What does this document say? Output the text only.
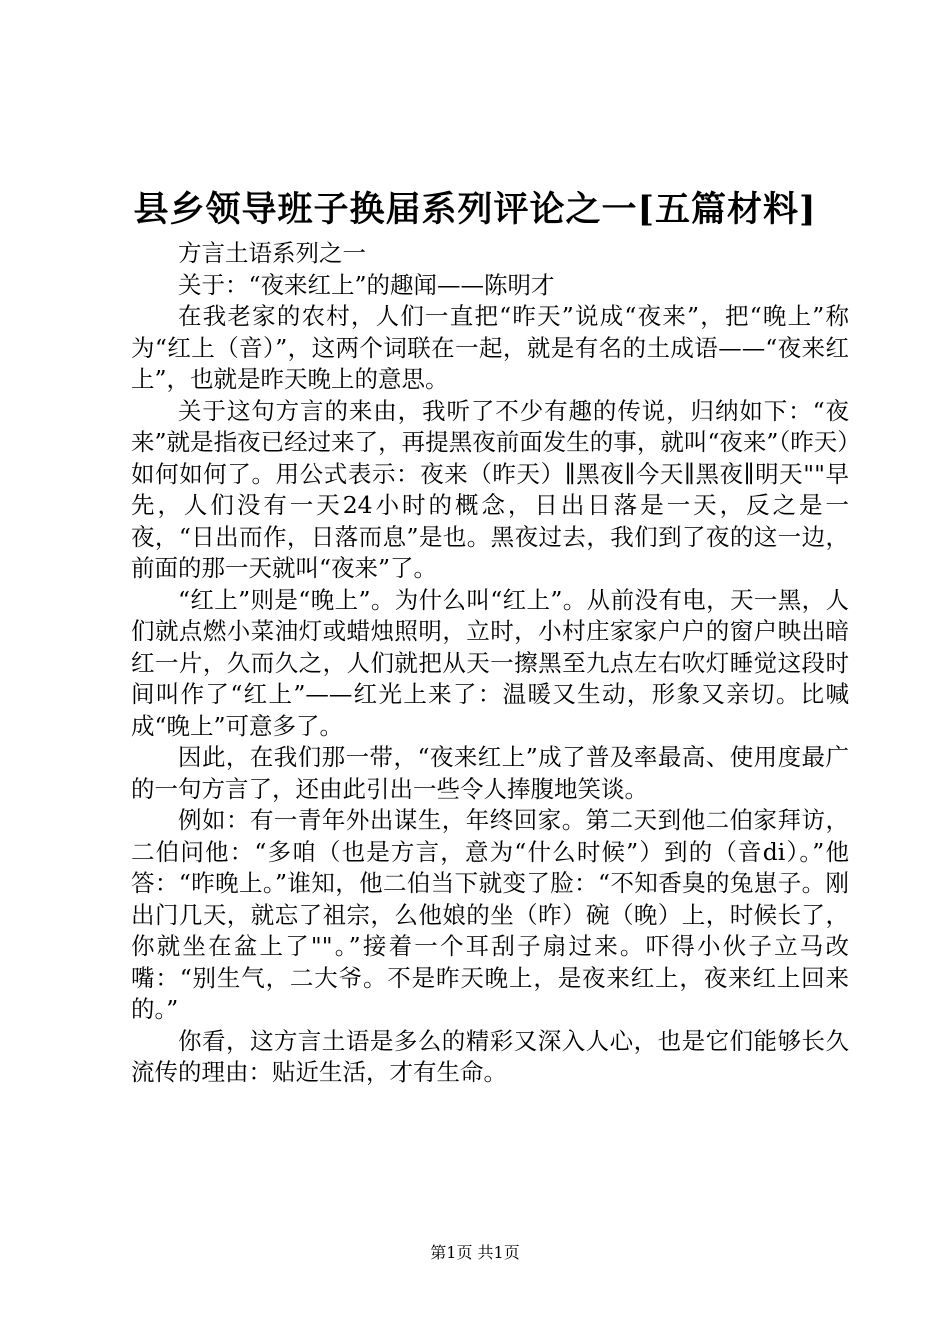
县乡领导班子换届系列评论之一[五篇材料]

方言土语系列之一

关于：“夜来红上”的趣闻——陈明才

在我老家的农村，人们一直把“昨天”说成“夜来”，把“晚上”称为“红上（音）”，这两个词联在一起，就是有名的土成语——“夜来红上”，也就是昨天晚上的意思。

关于这句方言的来由，我听了不少有趣的传说，归纳如下：“夜来”就是指夜已经过来了，再提黑夜前面发生的事，就叫“夜来”（昨天）如何如何了。用公式表示：夜来（昨天）∥黑夜∥今天∥黑夜∥明天""早先，人们没有一天24小时的概念，日出日落是一天，反之是一夜，“日出而作，日落而息”是也。黑夜过去，我们到了夜的这一边，前面的那一天就叫“夜来”了。

“红上”则是“晚上”。为什么叫“红上”。从前没有电，天一黑，人们就点燃小菜油灯或蜡烛照明，立时，小村庄家家户户的窗户映出暗红一片，久而久之，人们就把从天一擦黑至九点左右吹灯睡觉这段时间叫作了“红上”——红光上来了：温暖又生动，形象又亲切。比喊成“晚上”可意多了。

因此，在我们那一带，“夜来红上”成了普及率最高、使用度最广的一句方言了，还由此引出一些令人捧腹地笑谈。

例如：有一青年外出谋生，年终回家。第二天到他二伯家拜访，二伯问他：“多咱（也是方言，意为“什么时候”）到的（音di）。”他答：“昨晚上。”谁知，他二伯当下就变了脸：“不知香臭的兔崽子。刚出门几天，就忘了祖宗，么他娘的坐（昨）碗（晚）上，时候长了，你就坐在盆上了""。”接着一个耳刮子扇过来。吓得小伙子立马改嘴：“别生气，二大爷。不是昨天晚上，是夜来红上，夜来红上回来的。”

你看，这方言土语是多么的精彩又深入人心，也是它们能够长久流传的理由：贴近生活，才有生命。

第1页 共1页
